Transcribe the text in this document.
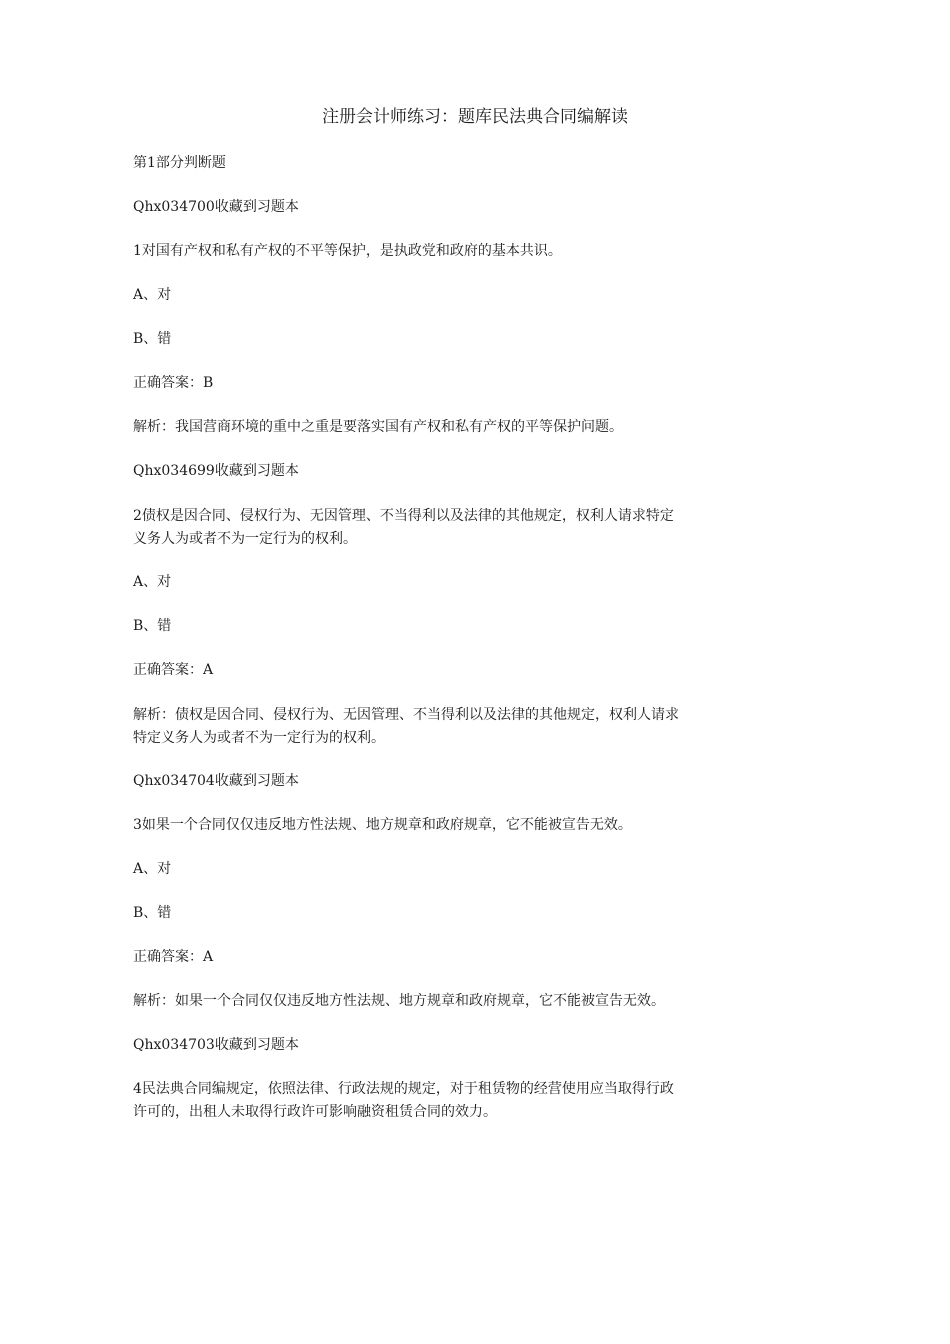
注册会计师练习：题库民法典合同编解读
第1部分判断题
Qhx034700收藏到习题本
1对国有产权和私有产权的不平等保护，是执政党和政府的基本共识。
A、对
B、错
正确答案：B
解析：我国营商环境的重中之重是要落实国有产权和私有产权的平等保护问题。
Qhx034699收藏到习题本
2债权是因合同、侵权行为、无因管理、不当得利以及法律的其他规定，权利人请求特定
义务人为或者不为一定行为的权利。
A、对
B、错
正确答案：A
解析：债权是因合同、侵权行为、无因管理、不当得利以及法律的其他规定，权利人请求
特定义务人为或者不为一定行为的权利。
Qhx034704收藏到习题本
3如果一个合同仅仅违反地方性法规、地方规章和政府规章，它不能被宣告无效。
A、对
B、错
正确答案：A
解析：如果一个合同仅仅违反地方性法规、地方规章和政府规章，它不能被宣告无效。
Qhx034703收藏到习题本
4民法典合同编规定，依照法律、行政法规的规定，对于租赁物的经营使用应当取得行政
许可的，出租人未取得行政许可影响融资租赁合同的效力。
